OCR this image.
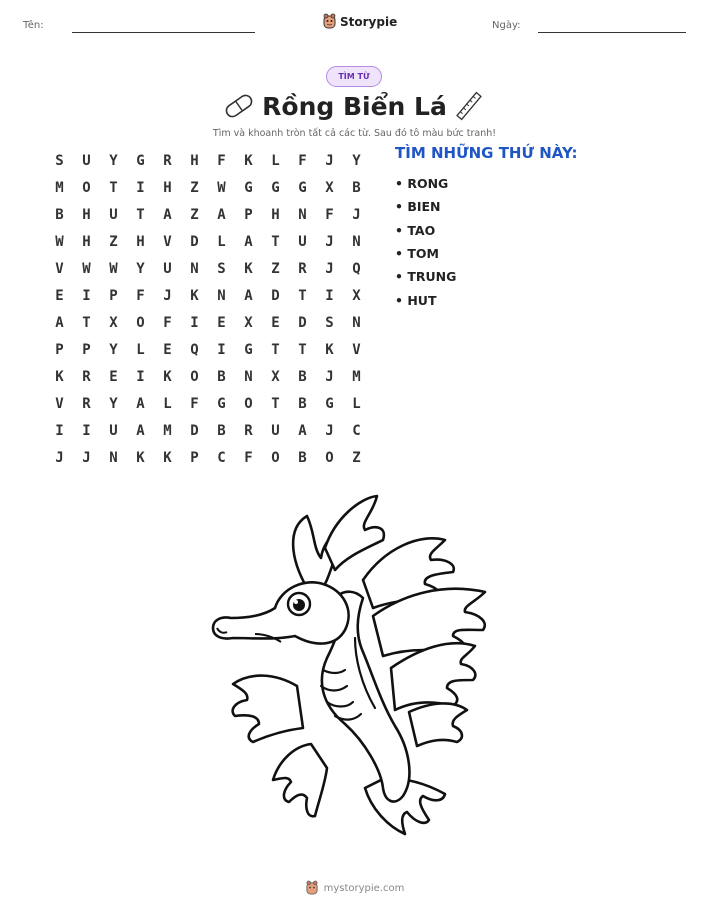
Tên:	Storypie	Ngày:
TÌM TỪ
Rồng Biển Lá
Tìm và khoanh tròn tất cả các từ. Sau đó tô màu bức tranh!
S	U	Y	G	R	H	F	K	L	F	J	Y
M	O	T	I	H	Z	W	G	G	G	X	B
B	H	U	T	A	Z	A	P	H	N	F	J
W	H	Z	H	V	D	L	A	T	U	J	N
V	W	W	Y	U	N	S	K	Z	R	J	Q
E	I	P	F	J	K	N	A	D	T	I	X
A	T	X	O	F	I	E	X	E	D	S	N
P	P	Y	L	E	Q	I	G	T	T	K	V
K	R	E	I	K	O	B	N	X	B	J	M
V	R	Y	A	L	F	G	O	T	B	G	L
I	I	U	A	M	D	B	R	U	A	J	C
J	J	N	K	K	P	C	F	O	B	O	Z
TÌM NHỮNG THỨ NÀY:
• RONG
• BIEN
• TAO
• TOM
• TRUNG
• HUT
mystorypie.com
